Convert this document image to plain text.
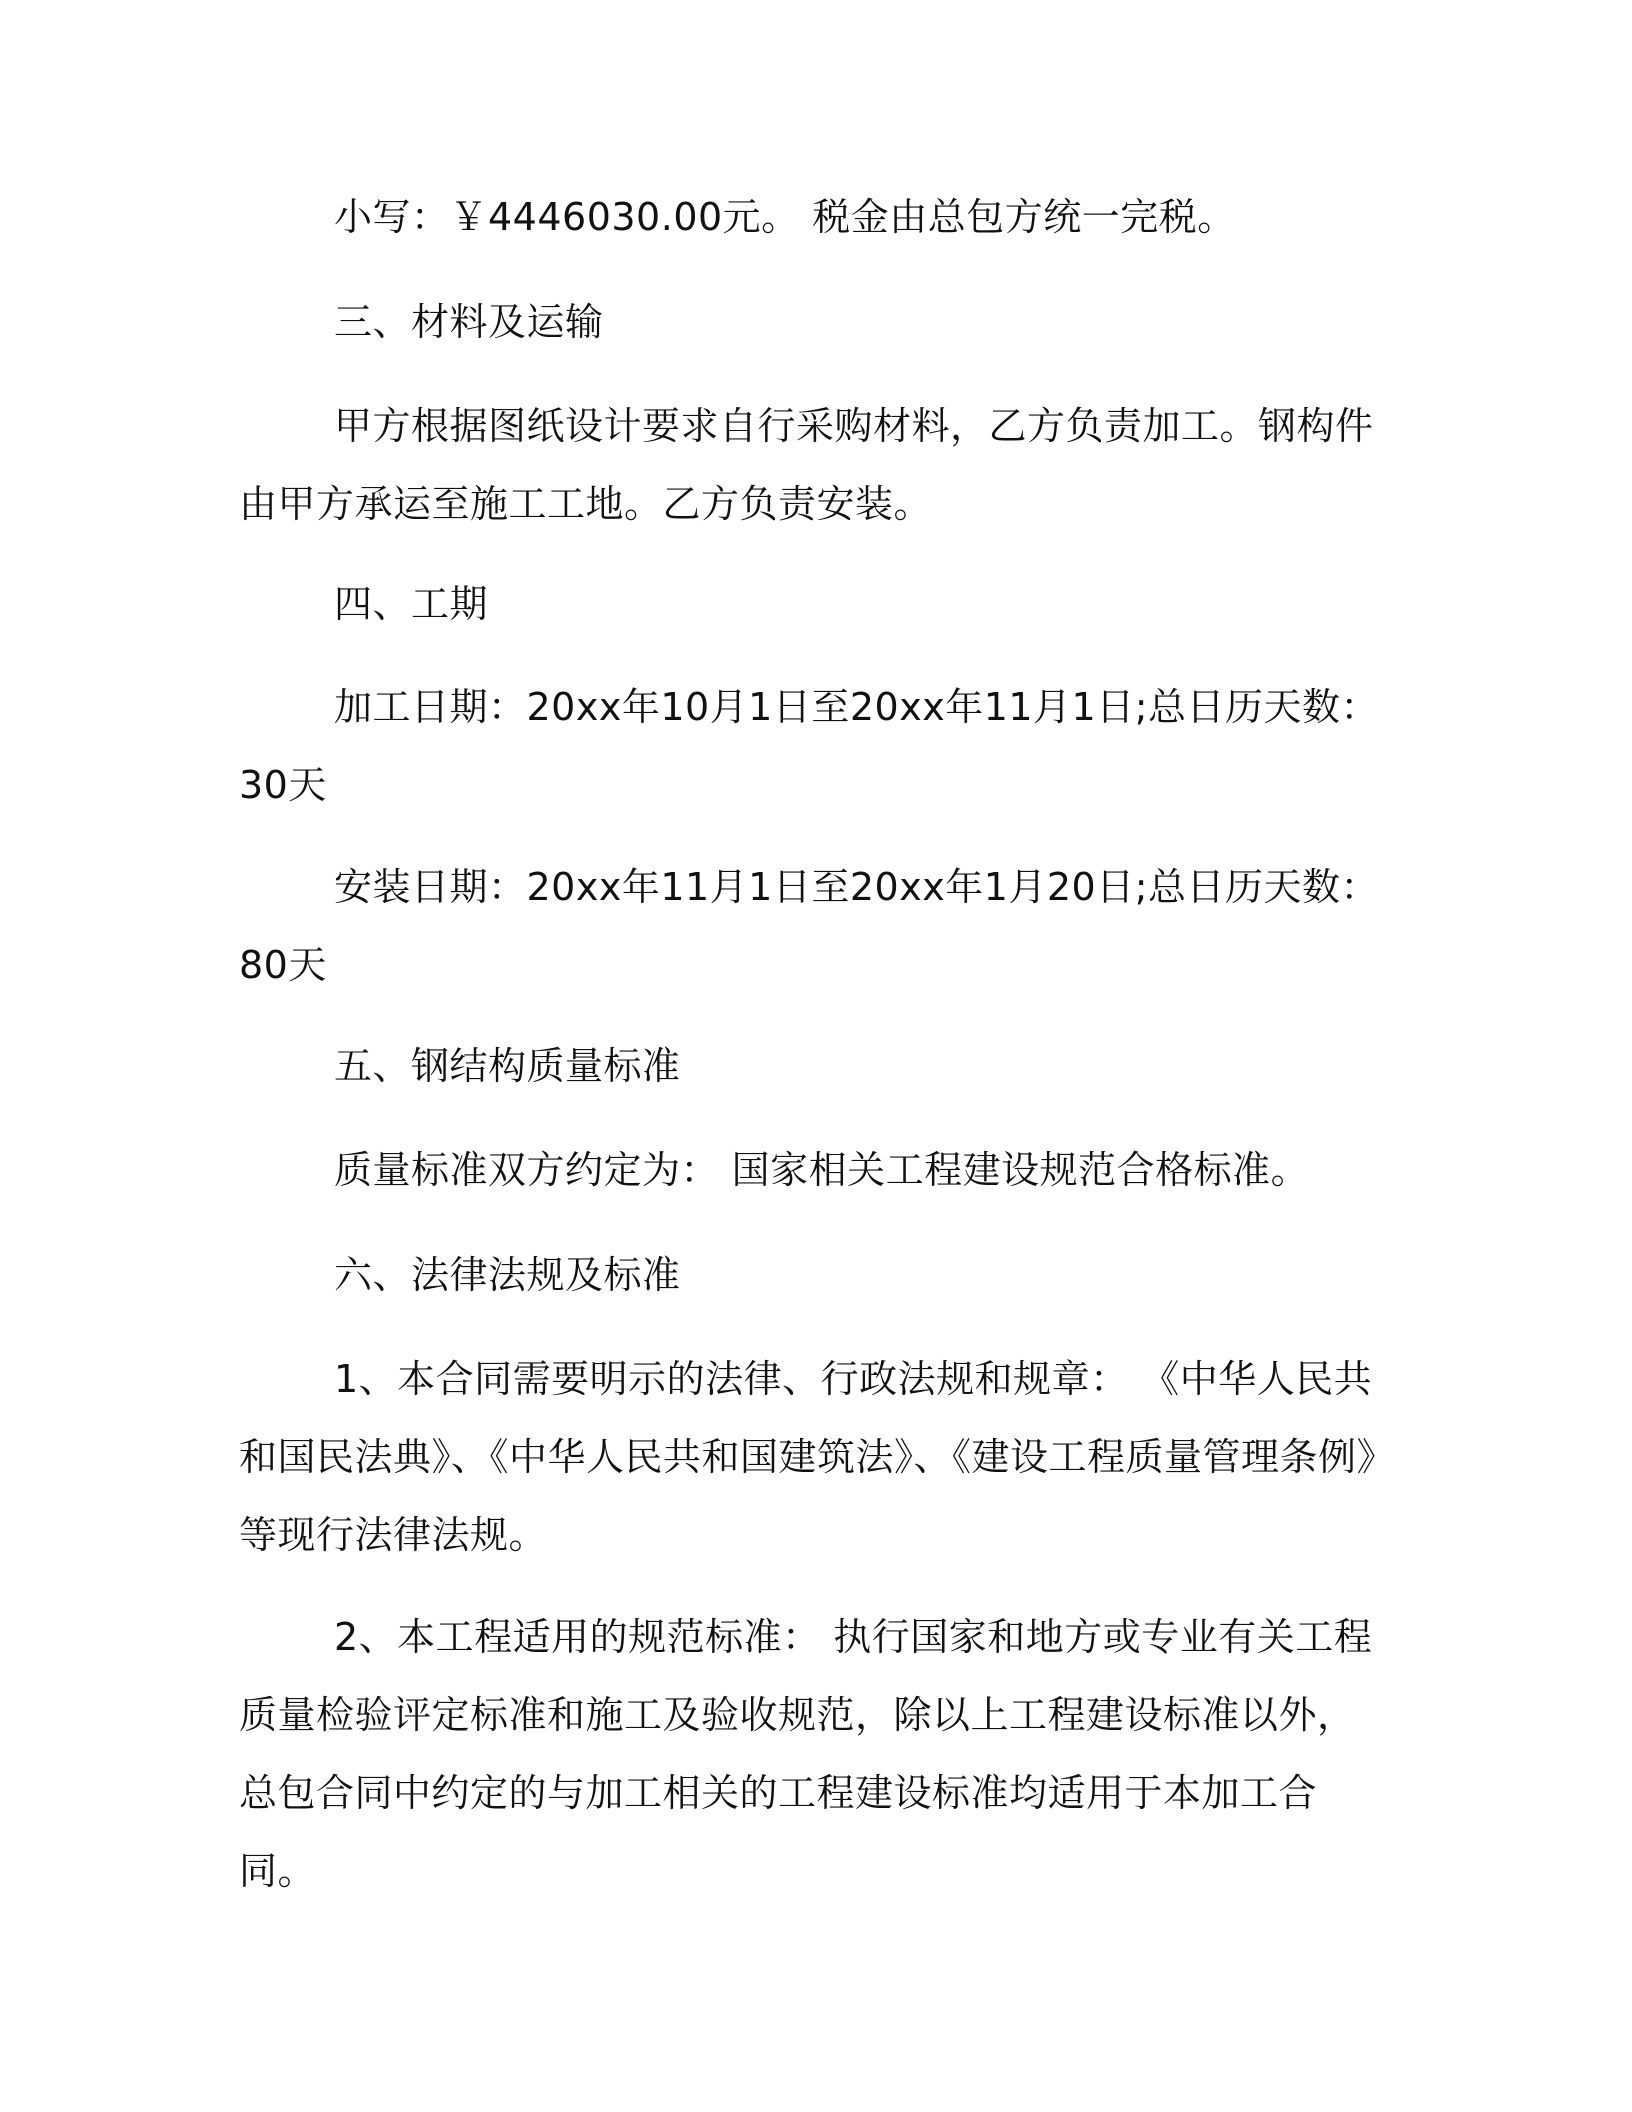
小写：￥4446030.00元。 税金由总包方统一完税。

三、材料及运输

甲方根据图纸设计要求自行采购材料，乙方负责加工。钢构件由甲方承运至施工工地。乙方负责安装。

四、工期

加工日期：20xx年10月1日至20xx年11月1日;总日历天数：30天

安装日期：20xx年11月1日至20xx年1月20日;总日历天数：80天

五、钢结构质量标准

质量标准双方约定为： 国家相关工程建设规范合格标准。

六、法律法规及标准

1、本合同需要明示的法律、行政法规和规章： 《中华人民共和国民法典》、《中华人民共和国建筑法》、《建设工程质量管理条例》等现行法律法规。

2、本工程适用的规范标准： 执行国家和地方或专业有关工程质量检验评定标准和施工及验收规范，除以上工程建设标准以外，总包合同中约定的与加工相关的工程建设标准均适用于本加工合同。
